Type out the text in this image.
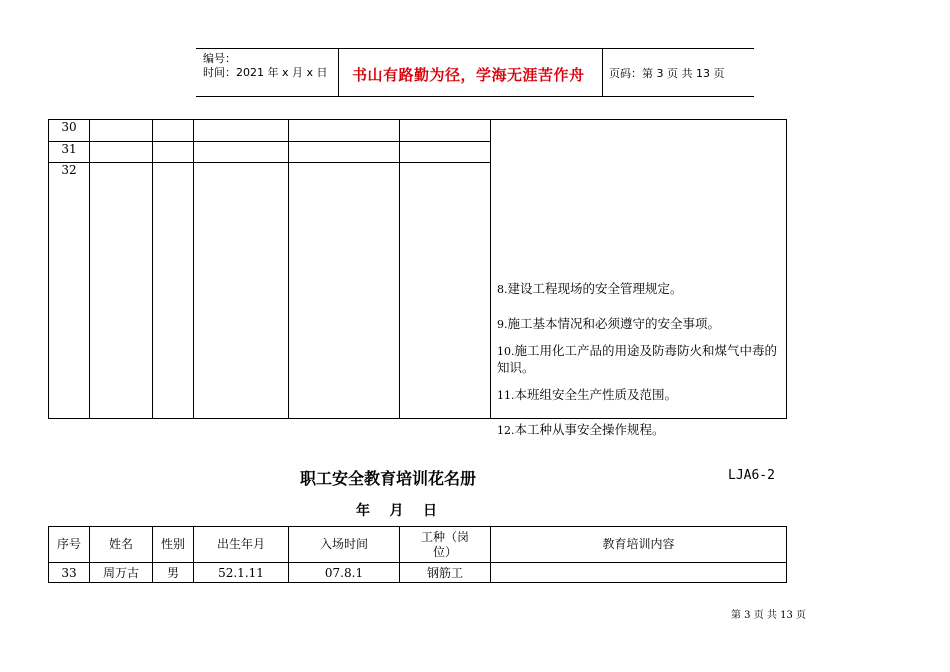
编号：
时间：2021 年 x 月 x 日 书山有路勤为径，学海无涯苦作舟 页码：第 3 页 共 13 页
30						
31						
32						
8.建设工程现场的安全管理规定。
9.施工基本情况和必须遵守的安全事项。
10.施工用化工产品的用途及防毒防火和煤气中毒的知识。
11.本班组安全生产性质及范围。
12.本工种从事安全操作规程。
职工安全教育培训花名册	LJA6-2
年    月    日
序号	姓名	性别	出生年月	入场时间	工种（岗位）	教育培训内容
33	周万古	男	52.1.11	07.8.1	钢筋工	
第 3 页 共 13 页
